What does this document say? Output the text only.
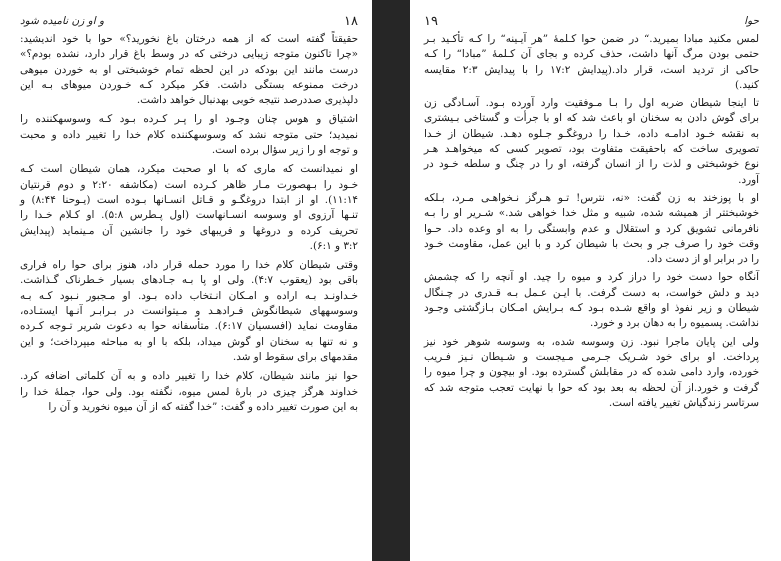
۱۸
و او زن نامیده شود
حقیقتاً گفته است که از همه درختان باغ نخورید؟» حوا با خود اندیشید:
«چرا تاکنون متوجه زیبایی درختی که در وسط باغ قرار دارد، نشده بودم؟»
درست مانند این بودکه در این لحظه تمام خوشبختی او به خوردن میوهی
درخت ممنوعه بستگی داشت. فکر میکرد کـه خـوردن میوهای بـه این
دلپذیری صددرصد نتیجه خوبی بهدنبال خواهد داشت.
اشتیاق و هوس چنان وجـود او را پـر کـرده بـود کـه وسوسهکننده را
نمیدید؛ حتی متوجه نشد که وسوسهکننده کلام خدا را تغییر داده و محبت
و توجه او را زیر سؤال برده است.
او نمیدانست که ماری که با او صحبت میکرد، همان شیطان است کـه
خـود را بـهصورت مـار ظاهر کـرده است (مکاشفه ۲:۲۰ و دوم قرنتیان
۱۱:۱۴). او از ابتدا دروغگـو و قـاتل انسـانها بـوده است (یـوحنا ۸:۴۴) و
تنـها آرزوی او وسوسه انسـانهاست (اول پـطرس ۵:۸). او کـلام خـدا را
تحریف کرده و دروغها و فریبهای خود را جانشین آن مـینماید (پیدایش
۳:۲ و ۶:۱).
وقتی شیطان کلام خدا را مورد حمله قرار داد، هنوز برای حوا راه فراری
باقی بود (یعقوب ۴:۷). ولی او پا بـه جـادهای بسیار خـطرناک گـذاشت.
خـداونـد بـه اراده و امـکان انـتخاب داده بـود. او مـجبور نـبود کـه بـه
وسوسههای شیطانگوش فـرادهـد و مـیتوانست در بـرابـر آنـها ایستـاده،
مقاومت نماید (افسسیان ۶:۱۷). متأسفانه حوا به دعوت شریر تـوجه کـرده
و نه تنها به سخنان او گوش میداد، بلکه با او به مباحثه میپرداخت؛ و این
مقدمهای برای سقوط او شد.
حوا نیز مانند شیطان، کلام خدا را تغییر داده و به آن کلماتی اضافه کرد.
خداوند هرگز چیزی در بارهٔ لمس میوه، نگفته بود. ولی حوا، جملهٔ خدا را
به این صورت تغییر داده و گفت: ”خدا گفته که از آن میوه نخورید و آن را
حوا
۱۹
لمس مکنید مبادا بمیرید.“ در ضمن حوا کـلمهٔ ”هر آیـینه“ را کـه تأکـید بـر
حتمی بودن مرگ آنها داشت، حذف کرده و بجای آن کـلمهٔ ”مبادا“ را کـه
حاکی از تردید است، قرار داد.(پیدایش ۱۷:۲ را با پیدایش ۲:۳ مقایسه
کنید.)
تا اینجا شیطان ضربه اول را بـا مـوفقیت وارد آورده بـود. آسـادگی زن
برای گوش دادن به سخنان او باعث شد که او با جرأت و گستاخی بـیشتری
به نقشه خـود ادامـه داده، خـدا را دروغگـو جـلوه دهـد. شیطان از خـدا
تصویری ساخت که باحقیقت متفاوت بود، تصویر کسی که میخواهـد هـر
نوع خوشبختی و لذت را از انسان گرفته، او را در چنگ و سلطه خـود در
آورد.
او با پوزخند به زن گفت: «نه، نترس! تـو هـرگز نـخواهـی مـرد، بـلکه
خوشبختتر از همیشه شده، شبیه و مثل خدا خواهی شد.» شـریر او را بـه
نافرمانی تشویق کرد و استقلال و عدم وابستگی را به او وعده داد. حـوا
وقت خود را صرف جر و بحث با شیطان کرد و با این عمل، مقاومت خـود
را در برابر او از دست داد.
آنگاه حوا دست خود را دراز کرد و میوه را چید. او آنچه را که چشمش
دید و دلش خواست، به دست گرفت. با ایـن عـمل بـه قـدری در چـنگال
شیطان و زیر نفوذ او واقع شـده بـود کـه بـرایش امـکان بـازگشتی وجـود
نداشت. پسمیوه را به دهان برد و خورد.
ولی این پایان ماجرا نبود. زن وسوسه شده، به وسوسه شوهر خود نیز
پرداخت. او برای خود شـریک جـرمی مـیجست و شـیطان نـیز فـریب
خورده، وارد دامی شده که در مقابلش گسترده بود. او بیچون و چرا میوه را
گرفت و خورد.از آن لحظه به بعد بود که حوا با نهایت تعجب متوجه شد که
سرتاسر زندگیاش تغییر یافته است.
